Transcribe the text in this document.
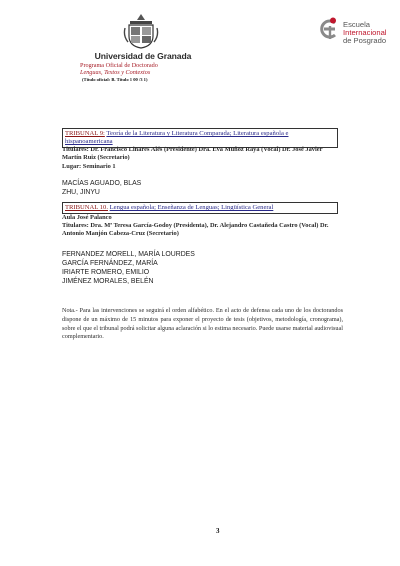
Universidad de Granada
Programa Oficial de Doctorado
Lenguas, Textos y Contextos
(Título oficial: B. Título 1 00 /3 1)
Escuela
Internacional
de Posgrado
TRIBUNAL 9: Teoría de la Literatura y Literatura Comparada; Literatura española e hispanoamericana
Titulares: Dr. Francisco Linares Alés (Presidente) Dra. Eva Muñoz Raya (Vocal) Dr. José Javier Martín Ruiz (Secretario)
Lugar: Seminario 1
MACÍAS AGUADO, BLAS
ZHU, JINYU
TRIBUNAL 10. Lengua española; Enseñanza de Lenguas; Lingüística General
Aula José Palanco
Titulares: Dra. Mª Teresa García-Godoy (Presidenta), Dr. Alejandro Castañeda Castro (Vocal) Dr. Antonio Manjón Cabeza-Cruz (Secretario)
FERNANDEZ MORELL, MARÍA LOURDES
GARCÍA FERNÁNDEZ, MARÍA
IRIARTE ROMERO, EMILIO
JIMÉNEZ MORALES, BELÉN
Nota.- Para las intervenciones se seguirá el orden alfabético. En el acto de defensa cada uno de los doctorandos dispone de un máximo de 15 minutos para exponer el proyecto de tesis (objetivos, metodología, cronograma), sobre el que el tribunal podrá solicitar alguna aclaración si lo estima necesario. Puede usarse material audiovisual complementario.
3
